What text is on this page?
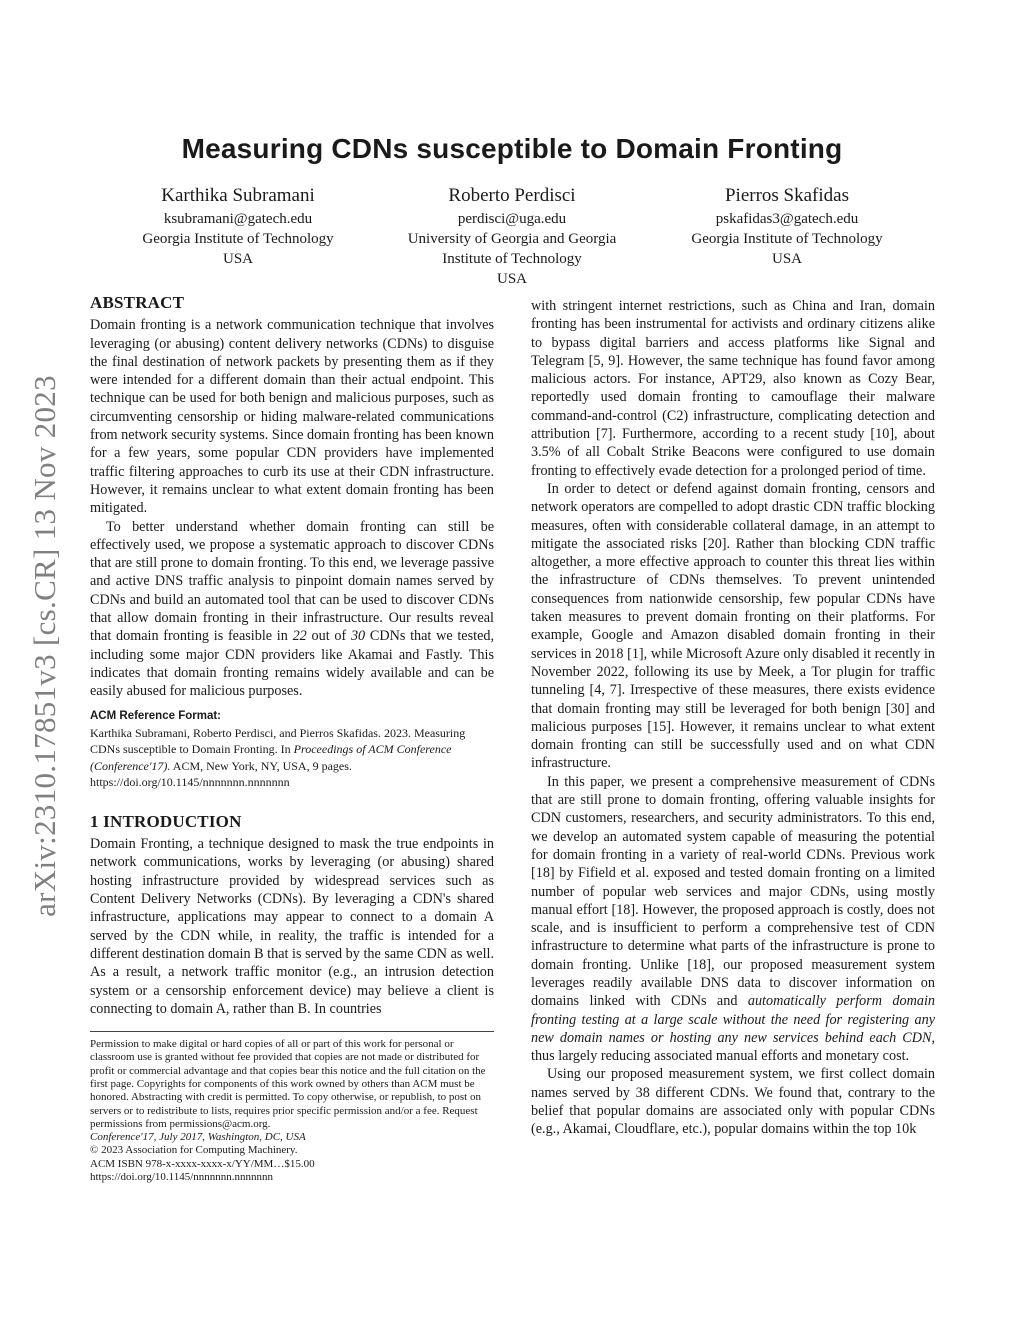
Measuring CDNs susceptible to Domain Fronting
Karthika Subramani
ksubramani@gatech.edu
Georgia Institute of Technology
USA
Roberto Perdisci
perdisci@uga.edu
University of Georgia and Georgia
Institute of Technology
USA
Pierros Skafidas
pskafidas3@gatech.edu
Georgia Institute of Technology
USA
arXiv:2310.17851v3 [cs.CR] 13 Nov 2023
ABSTRACT

Domain fronting is a network communication technique that involves leveraging (or abusing) content delivery networks (CDNs) to disguise the final destination of network packets by presenting them as if they were intended for a different domain than their actual endpoint. This technique can be used for both benign and malicious purposes, such as circumventing censorship or hiding malware-related communications from network security systems. Since domain fronting has been known for a few years, some popular CDN providers have implemented traffic filtering approaches to curb its use at their CDN infrastructure. However, it remains unclear to what extent domain fronting has been mitigated.

To better understand whether domain fronting can still be effectively used, we propose a systematic approach to discover CDNs that are still prone to domain fronting. To this end, we leverage passive and active DNS traffic analysis to pinpoint domain names served by CDNs and build an automated tool that can be used to discover CDNs that allow domain fronting in their infrastructure. Our results reveal that domain fronting is feasible in 22 out of 30 CDNs that we tested, including some major CDN providers like Akamai and Fastly. This indicates that domain fronting remains widely available and can be easily abused for malicious purposes.

ACM Reference Format:
Karthika Subramani, Roberto Perdisci, and Pierros Skafidas. 2023. Measuring CDNs susceptible to Domain Fronting. In Proceedings of ACM Conference (Conference'17). ACM, New York, NY, USA, 9 pages. https://doi.org/10.1145/nnnnnnn.nnnnnnn
1 INTRODUCTION

Domain Fronting, a technique designed to mask the true endpoints in network communications, works by leveraging (or abusing) shared hosting infrastructure provided by widespread services such as Content Delivery Networks (CDNs). By leveraging a CDN's shared infrastructure, applications may appear to connect to a domain A served by the CDN while, in reality, the traffic is intended for a different destination domain B that is served by the same CDN as well. As a result, a network traffic monitor (e.g., an intrusion detection system or a censorship enforcement device) may believe a client is connecting to domain A, rather than B. In countries

Permission to make digital or hard copies of all or part of this work for personal or classroom use is granted without fee provided that copies are not made or distributed for profit or commercial advantage and that copies bear this notice and the full citation on the first page. Copyrights for components of this work owned by others than ACM must be honored. Abstracting with credit is permitted. To copy otherwise, or republish, to post on servers or to redistribute to lists, requires prior specific permission and/or a fee. Request permissions from permissions@acm.org.

Conference'17, July 2017, Washington, DC, USA

© 2023 Association for Computing Machinery.

ACM ISBN 978-x-xxxx-xxxx-x/YY/MM…$15.00

https://doi.org/10.1145/nnnnnnn.nnnnnnn

with stringent internet restrictions, such as China and Iran, domain fronting has been instrumental for activists and ordinary citizens alike to bypass digital barriers and access platforms like Signal and Telegram [5, 9]. However, the same technique has found favor among malicious actors. For instance, APT29, also known as Cozy Bear, reportedly used domain fronting to camouflage their malware command-and-control (C2) infrastructure, complicating detection and attribution [7]. Furthermore, according to a recent study [10], about 3.5% of all Cobalt Strike Beacons were configured to use domain fronting to effectively evade detection for a prolonged period of time.

In order to detect or defend against domain fronting, censors and network operators are compelled to adopt drastic CDN traffic blocking measures, often with considerable collateral damage, in an attempt to mitigate the associated risks [20]. Rather than blocking CDN traffic altogether, a more effective approach to counter this threat lies within the infrastructure of CDNs themselves. To prevent unintended consequences from nationwide censorship, few popular CDNs have taken measures to prevent domain fronting on their platforms. For example, Google and Amazon disabled domain fronting in their services in 2018 [1], while Microsoft Azure only disabled it recently in November 2022, following its use by Meek, a Tor plugin for traffic tunneling [4, 7]. Irrespective of these measures, there exists evidence that domain fronting may still be leveraged for both benign [30] and malicious purposes [15]. However, it remains unclear to what extent domain fronting can still be successfully used and on what CDN infrastructure.

In this paper, we present a comprehensive measurement of CDNs that are still prone to domain fronting, offering valuable insights for CDN customers, researchers, and security administrators. To this end, we develop an automated system capable of measuring the potential for domain fronting in a variety of real-world CDNs. Previous work [18] by Fifield et al. exposed and tested domain fronting on a limited number of popular web services and major CDNs, using mostly manual effort [18]. However, the proposed approach is costly, does not scale, and is insufficient to perform a comprehensive test of CDN infrastructure to determine what parts of the infrastructure is prone to domain fronting. Unlike [18], our proposed measurement system leverages readily available DNS data to discover information on domains linked with CDNs and automatically perform domain fronting testing at a large scale without the need for registering any new domain names or hosting any new services behind each CDN, thus largely reducing associated manual efforts and monetary cost.

Using our proposed measurement system, we first collect domain names served by 38 different CDNs. We found that, contrary to the belief that popular domains are associated only with popular CDNs (e.g., Akamai, Cloudflare, etc.), popular domains within the top 10k
